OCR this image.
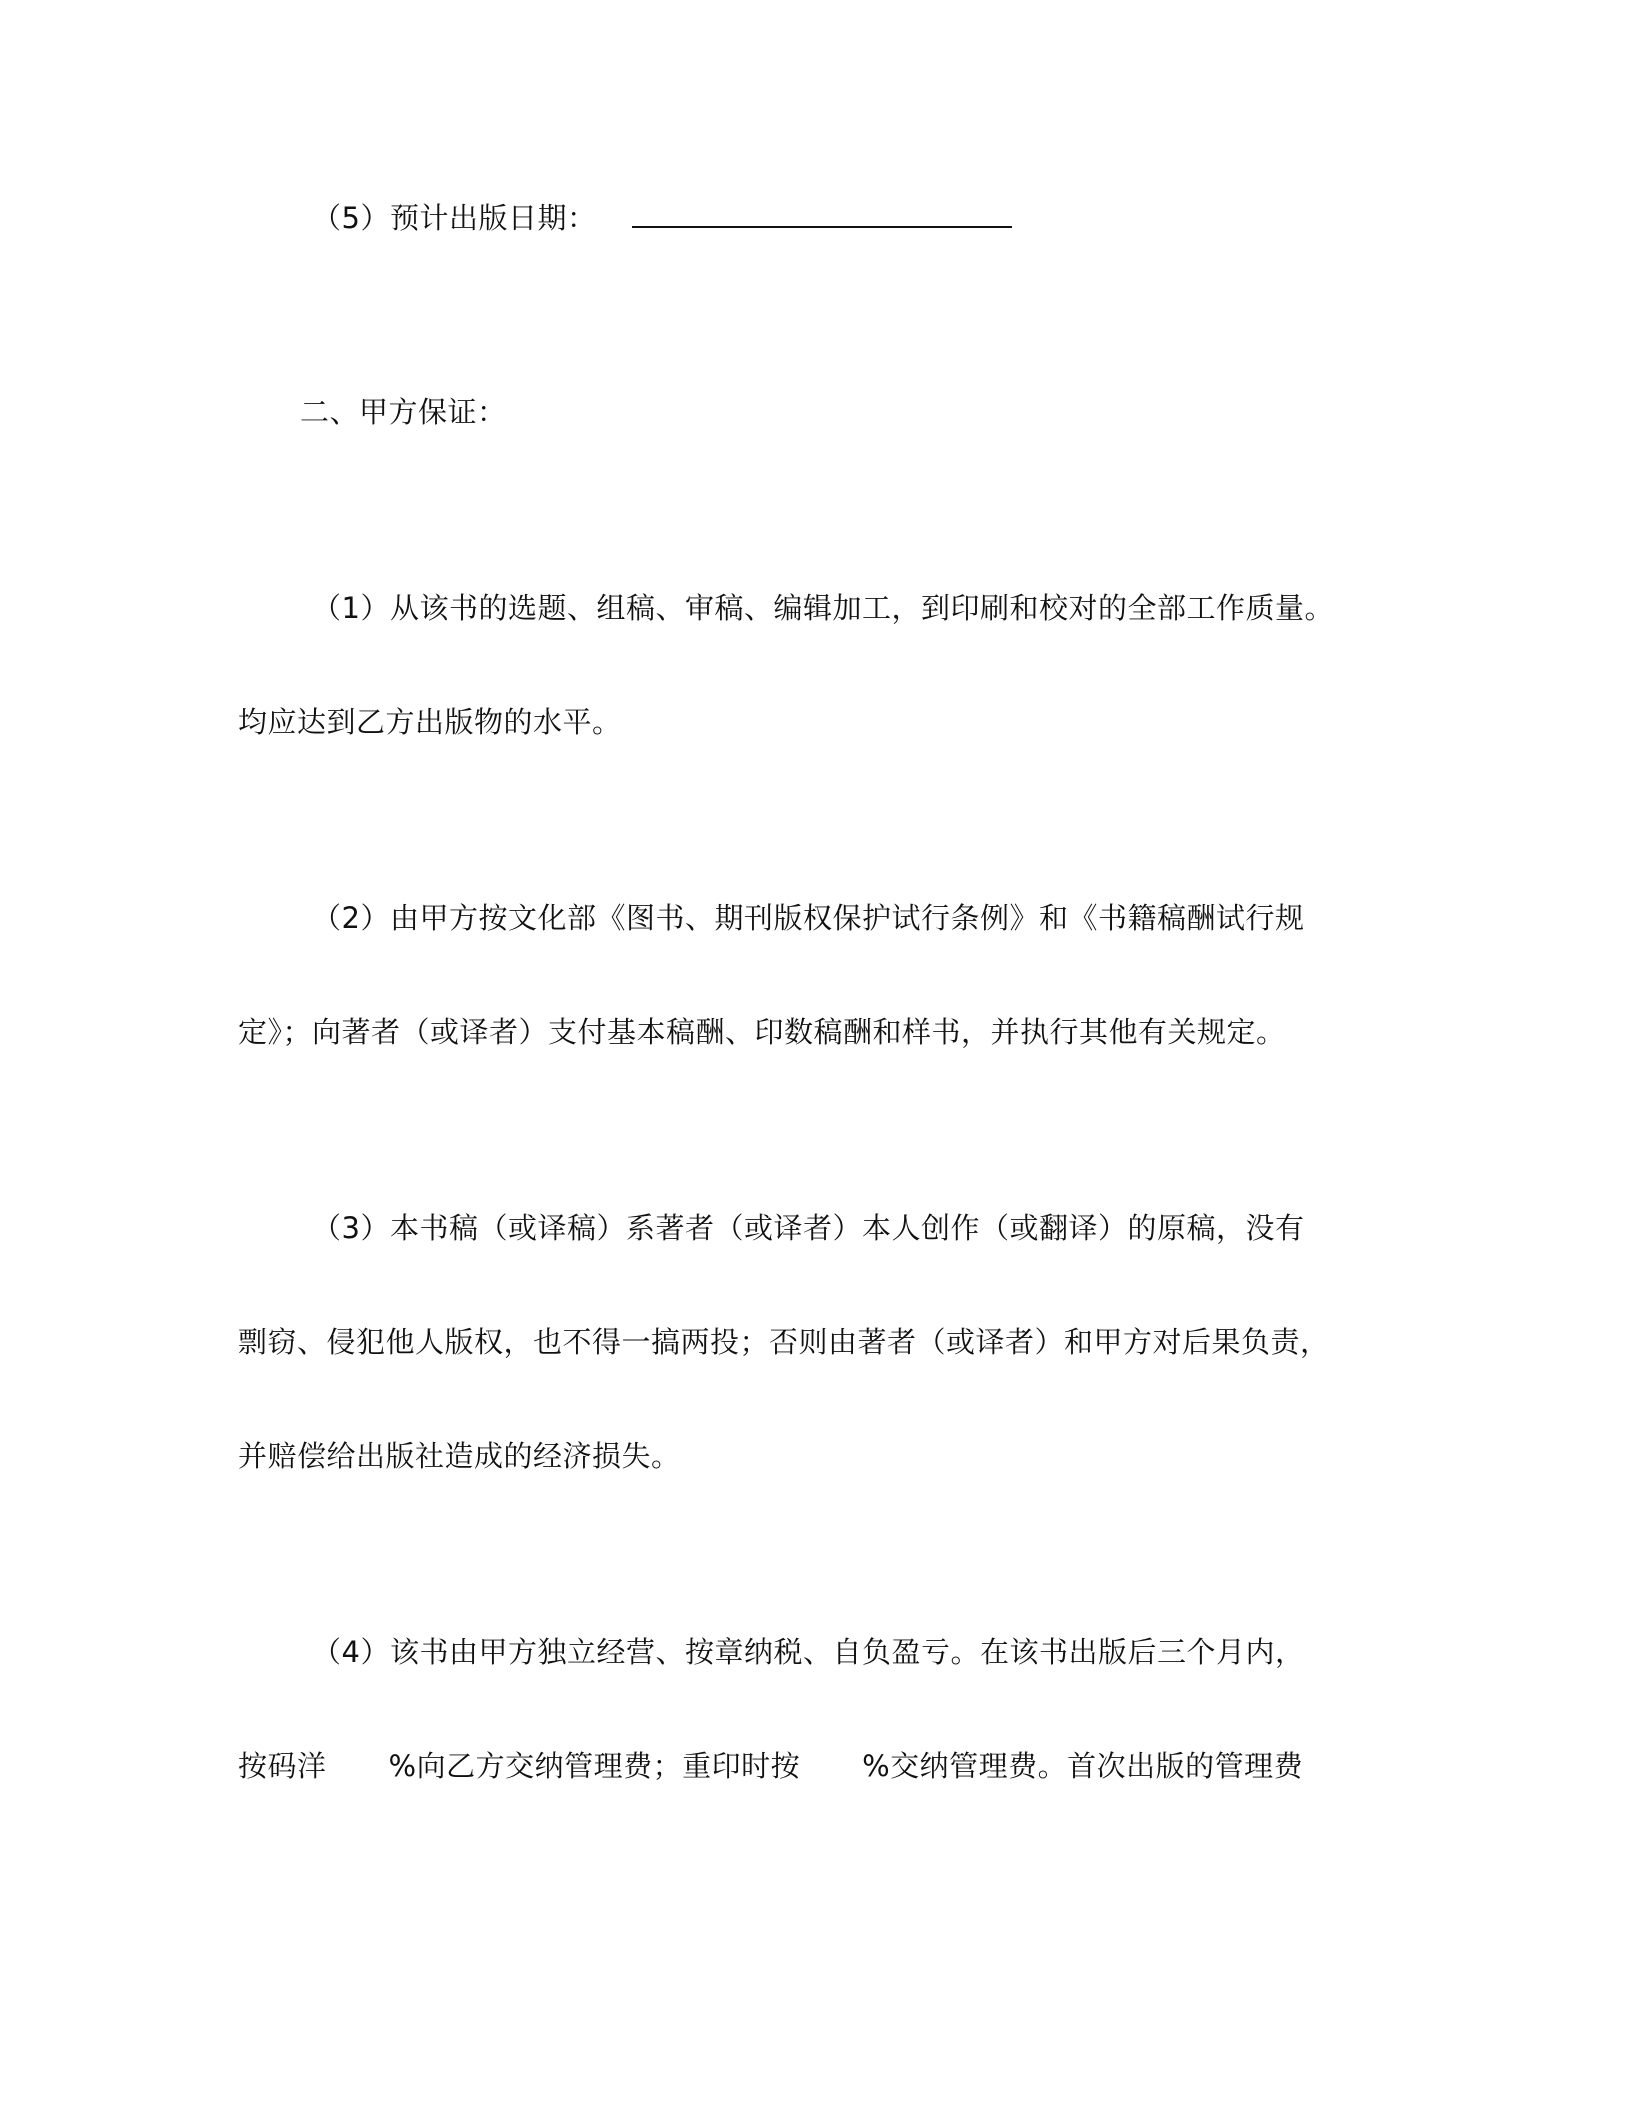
（5）预计出版日期：
二、甲方保证：
（1）从该书的选题、组稿、审稿、编辑加工，到印刷和校对的全部工作质量。
均应达到乙方出版物的水平。
（2）由甲方按文化部《图书、期刊版权保护试行条例》和《书籍稿酬试行规
定》；向著者（或译者）支付基本稿酬、印数稿酬和样书，并执行其他有关规定。
（3）本书稿（或译稿）系著者（或译者）本人创作（或翻译）的原稿，没有
剽窃、侵犯他人版权，也不得一搞两投；否则由著者（或译者）和甲方对后果负责，
并赔偿给出版社造成的经济损失。
（4）该书由甲方独立经营、按章纳税、自负盈亏。在该书出版后三个月内，
按码洋 %向乙方交纳管理费；重印时按 %交纳管理费。首次出版的管理费
